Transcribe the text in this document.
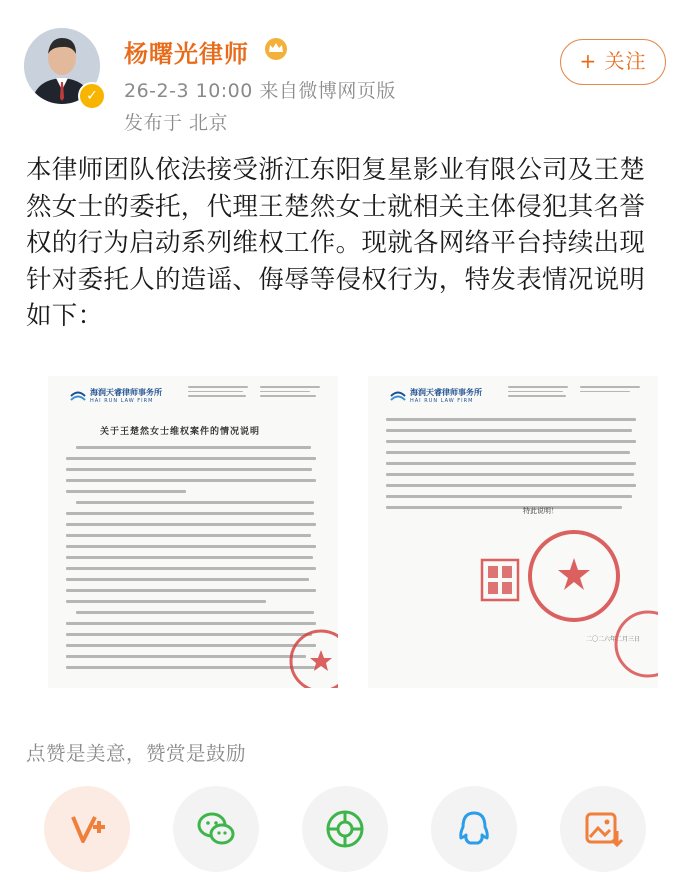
✓
杨曙光律师
26-2-3 10:00 来自微博网页版
发布于 北京
+ 关注
本律师团队依法接受浙江东阳复星影业有限公司及王楚然女士的委托，代理王楚然女士就相关主体侵犯其名誉权的行为启动系列维权工作。现就各网络平台持续出现针对委托人的造谣、侮辱等侵权行为，特发表情况说明如下：
海润天睿律师事务所
HAI RUN LAW FIRM
关于王楚然女士维权案件的情况说明
海润天睿律师事务所
HAI RUN LAW FIRM
特此说明！
二〇二六年二月三日
点赞是美意，赞赏是鼓励
